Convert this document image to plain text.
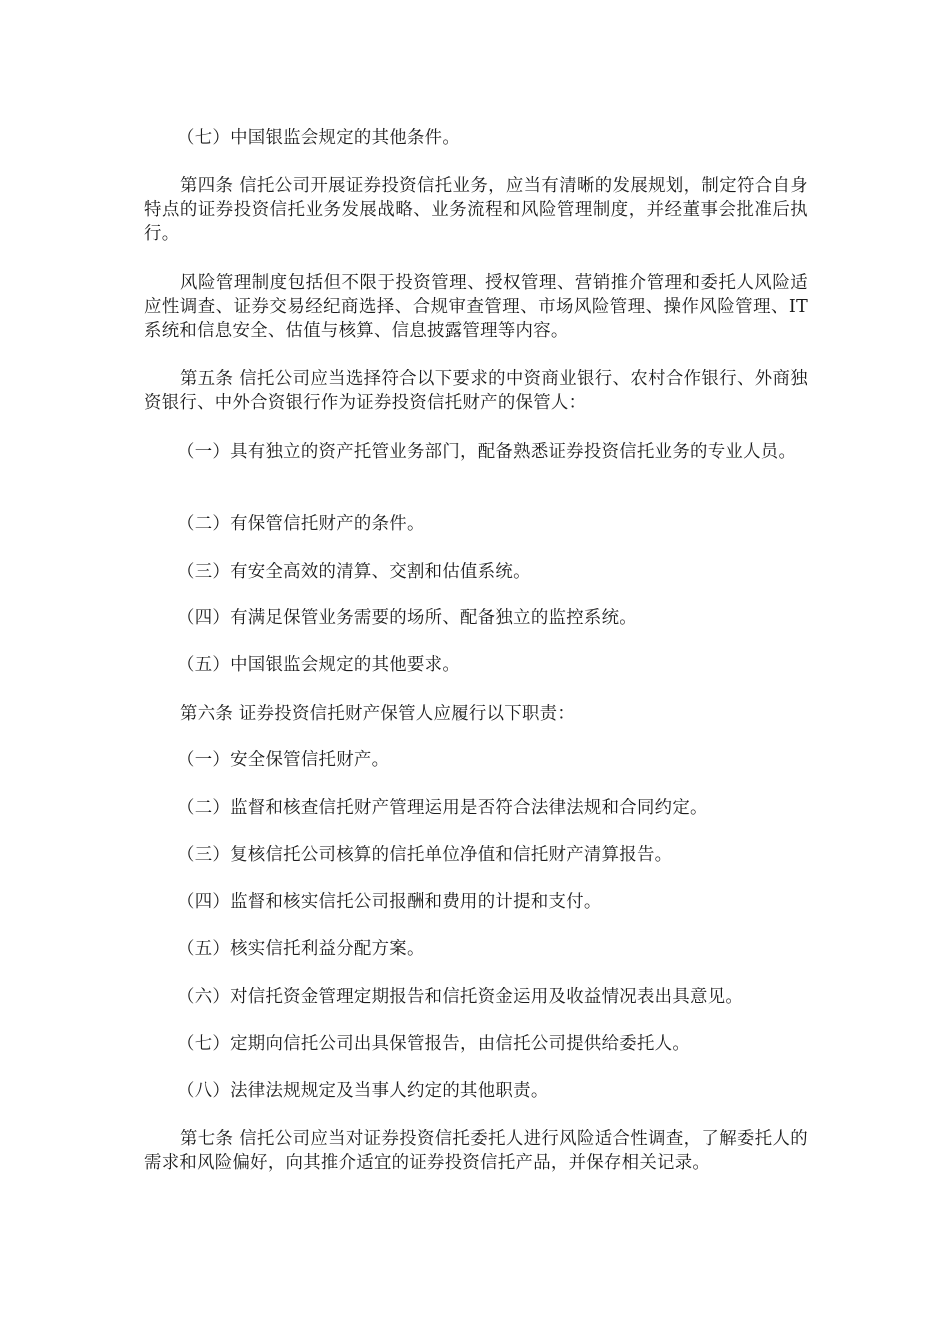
（七）中国银监会规定的其他条件。

第四条 信托公司开展证券投资信托业务，应当有清晰的发展规划，制定符合自身特点的证券投资信托业务发展战略、业务流程和风险管理制度，并经董事会批准后执行。

风险管理制度包括但不限于投资管理、授权管理、营销推介管理和委托人风险适应性调查、证券交易经纪商选择、合规审查管理、市场风险管理、操作风险管理、IT 系统和信息安全、估值与核算、信息披露管理等内容。

第五条 信托公司应当选择符合以下要求的中资商业银行、农村合作银行、外商独资银行、中外合资银行作为证券投资信托财产的保管人：

（一）具有独立的资产托管业务部门，配备熟悉证券投资信托业务的专业人员。

（二）有保管信托财产的条件。

（三）有安全高效的清算、交割和估值系统。

（四）有满足保管业务需要的场所、配备独立的监控系统。

（五）中国银监会规定的其他要求。

第六条 证券投资信托财产保管人应履行以下职责：

（一）安全保管信托财产。

（二）监督和核查信托财产管理运用是否符合法律法规和合同约定。

（三）复核信托公司核算的信托单位净值和信托财产清算报告。

（四）监督和核实信托公司报酬和费用的计提和支付。

（五）核实信托利益分配方案。

（六）对信托资金管理定期报告和信托资金运用及收益情况表出具意见。

（七）定期向信托公司出具保管报告，由信托公司提供给委托人。

（八）法律法规规定及当事人约定的其他职责。

第七条 信托公司应当对证券投资信托委托人进行风险适合性调查，了解委托人的需求和风险偏好，向其推介适宜的证券投资信托产品，并保存相关记录。
